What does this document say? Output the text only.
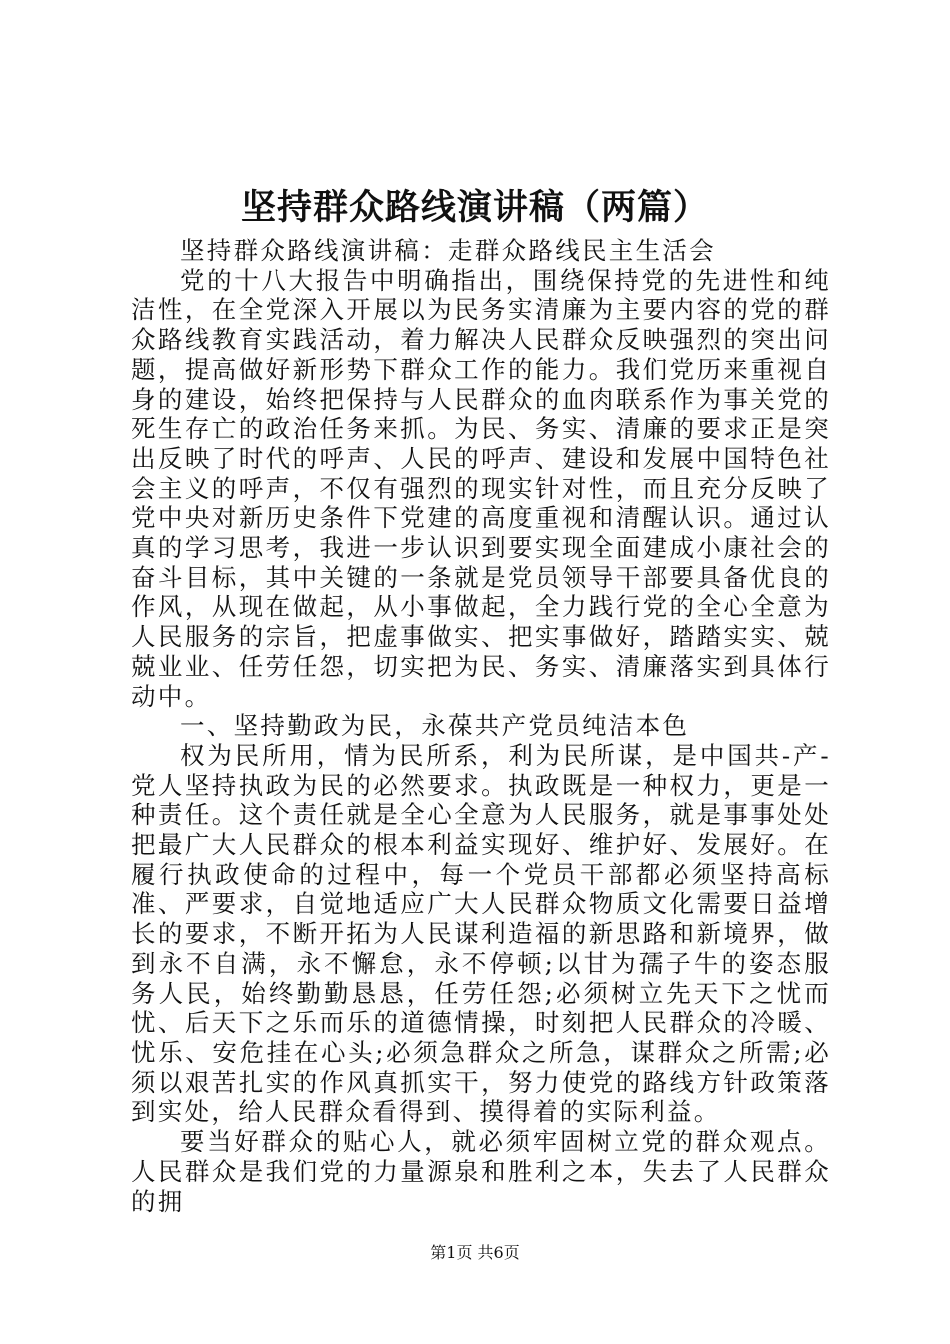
坚持群众路线演讲稿（两篇）

坚持群众路线演讲稿：走群众路线民主生活会

党的十八大报告中明确指出，围绕保持党的先进性和纯洁性，在全党深入开展以为民务实清廉为主要内容的党的群众路线教育实践活动，着力解决人民群众反映强烈的突出问题，提高做好新形势下群众工作的能力。我们党历来重视自身的建设，始终把保持与人民群众的血肉联系作为事关党的死生存亡的政治任务来抓。为民、务实、清廉的要求正是突出反映了时代的呼声、人民的呼声、建设和发展中国特色社会主义的呼声，不仅有强烈的现实针对性，而且充分反映了党中央对新历史条件下党建的高度重视和清醒认识。通过认真的学习思考，我进一步认识到要实现全面建成小康社会的奋斗目标，其中关键的一条就是党员领导干部要具备优良的作风，从现在做起，从小事做起，全力践行党的全心全意为人民服务的宗旨，把虚事做实、把实事做好，踏踏实实、兢兢业业、任劳任怨，切实把为民、务实、清廉落实到具体行动中。

一、坚持勤政为民，永葆共产党员纯洁本色

权为民所用，情为民所系，利为民所谋，是中国共-产-党人坚持执政为民的必然要求。执政既是一种权力，更是一种责任。这个责任就是全心全意为人民服务，就是事事处处把最广大人民群众的根本利益实现好、维护好、发展好。在履行执政使命的过程中，每一个党员干部都必须坚持高标准、严要求，自觉地适应广大人民群众物质文化需要日益增长的要求，不断开拓为人民谋利造福的新思路和新境界，做到永不自满，永不懈怠，永不停顿;以甘为孺子牛的姿态服务人民，始终勤勤恳恳，任劳任怨;必须树立先天下之忧而忧、后天下之乐而乐的道德情操，时刻把人民群众的冷暖、忧乐、安危挂在心头;必须急群众之所急，谋群众之所需;必须以艰苦扎实的作风真抓实干，努力使党的路线方针政策落到实处，给人民群众看得到、摸得着的实际利益。

要当好群众的贴心人，就必须牢固树立党的群众观点。人民群众是我们党的力量源泉和胜利之本，失去了人民群众的拥

第1页 共6页
